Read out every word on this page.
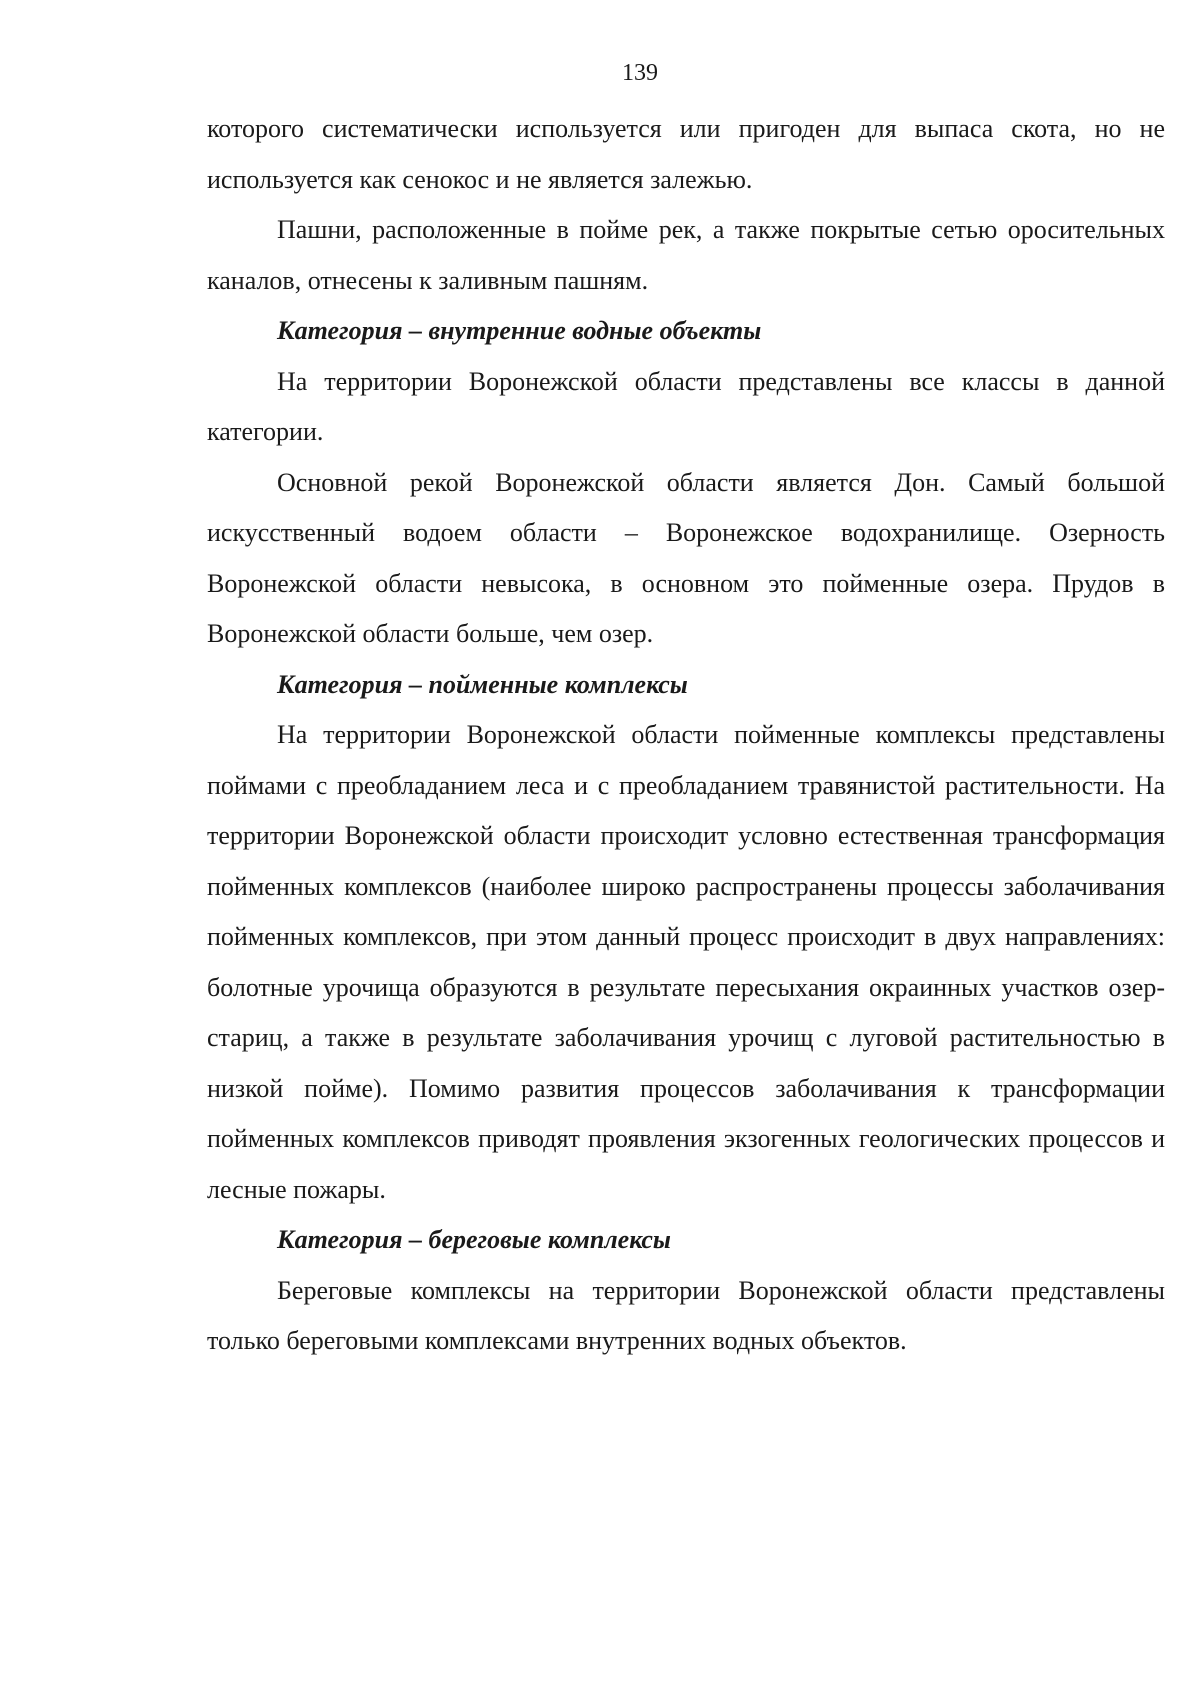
139

которого систематически используется или пригоден для выпаса скота, но не используется как сенокос и не является залежью.

Пашни, расположенные в пойме рек, а также покрытые сетью оросительных каналов, отнесены к заливным пашням.

Категория – внутренние водные объекты

На территории Воронежской области представлены все классы в данной категории.

Основной рекой Воронежской области является Дон. Самый большой искусственный водоем области – Воронежское водохранилище. Озерность Воронежской области невысока, в основном это пойменные озера. Прудов в Воронежской области больше, чем озер.

Категория – пойменные комплексы

На территории Воронежской области пойменные комплексы представлены поймами с преобладанием леса и с преобладанием травянистой растительности. На территории Воронежской области происходит условно естественная трансформация пойменных комплексов (наиболее широко распространены процессы заболачивания пойменных комплексов, при этом данный процесс происходит в двух направлениях: болотные урочища образуются в результате пересыхания окраинных участков озер-стариц, а также в результате заболачивания урочищ с луговой растительностью в низкой пойме). Помимо развития процессов заболачивания к трансформации пойменных комплексов приводят проявления экзогенных геологических процессов и лесные пожары.

Категория – береговые комплексы

Береговые комплексы на территории Воронежской области представлены только береговыми комплексами внутренних водных объектов.
